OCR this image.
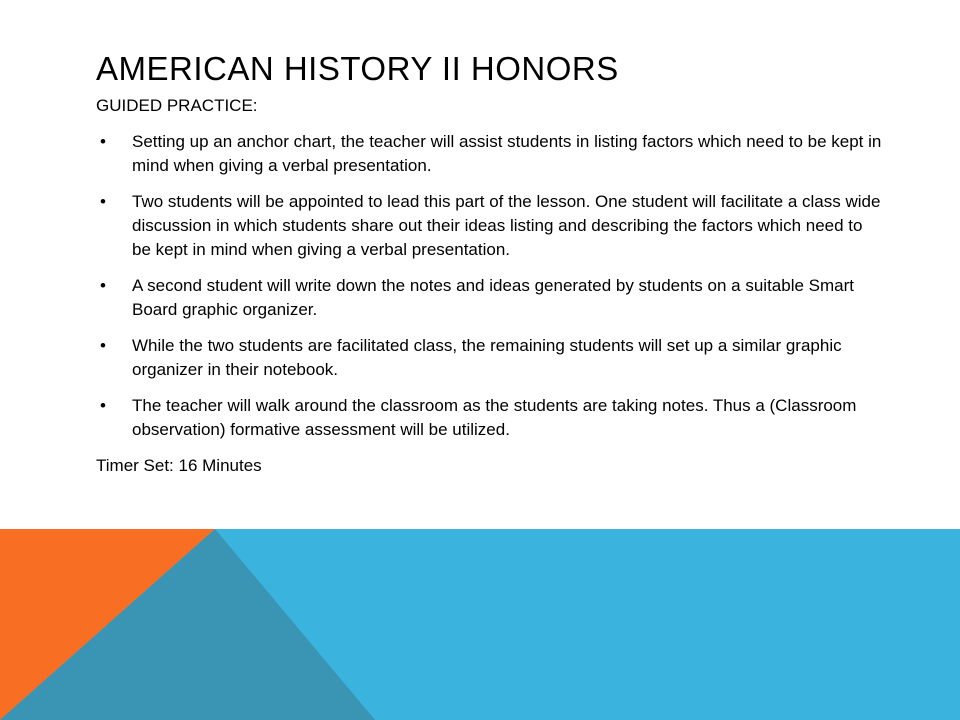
AMERICAN HISTORY II HONORS

GUIDED PRACTICE:

• Setting up an anchor chart, the teacher will assist students in listing factors which need to be kept in mind when giving a verbal presentation.
• Two students will be appointed to lead this part of the lesson. One student will facilitate a class wide discussion in which students share out their ideas listing and describing the factors which need to be kept in mind when giving a verbal presentation.
• A second student will write down the notes and ideas generated by students on a suitable Smart Board graphic organizer.
• While the two students are facilitated class, the remaining students will set up a similar graphic organizer in their notebook.
• The teacher will walk around the classroom as the students are taking notes. Thus a (Classroom observation) formative assessment will be utilized.

Timer Set: 16 Minutes
